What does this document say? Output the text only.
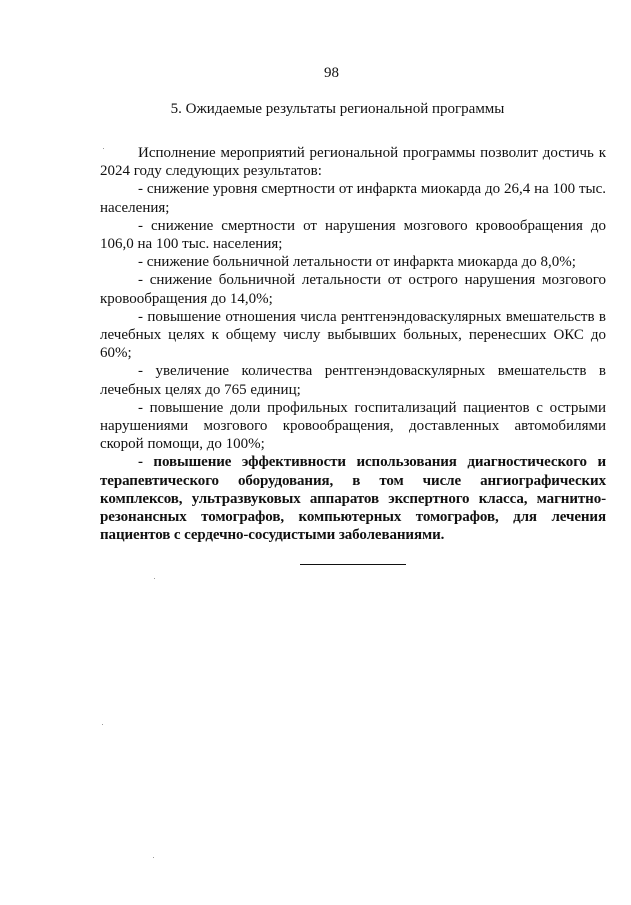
98
5. Ожидаемые результаты региональной программы

Исполнение мероприятий региональной программы позволит достичь к 2024 году следующих результатов:

- снижение уровня смертности от инфаркта миокарда до 26,4 на 100 тыс. населения;

- снижение смертности от нарушения мозгового кровообращения до 106,0 на 100 тыс. населения;

- снижение больничной летальности от инфаркта миокарда до 8,0%;

- снижение больничной летальности от острого нарушения мозгового кровообращения до 14,0%;

- повышение отношения числа рентгенэндоваскулярных вмешательств в лечебных целях к общему числу выбывших больных, перенесших ОКС до 60%;

- увеличение количества рентгенэндоваскулярных вмешательств в лечебных целях до 765 единиц;

- повышение доли профильных госпитализаций пациентов с острыми нарушениями мозгового кровообращения, доставленных автомобилями скорой помощи, до 100%;

- повышение эффективности использования диагностического и терапевтического оборудования, в том числе ангиографических комплексов, ультразвуковых аппаратов экспертного класса, магнитно-резонансных томографов, компьютерных томографов, для лечения пациентов с сердечно-сосудистыми заболеваниями.
